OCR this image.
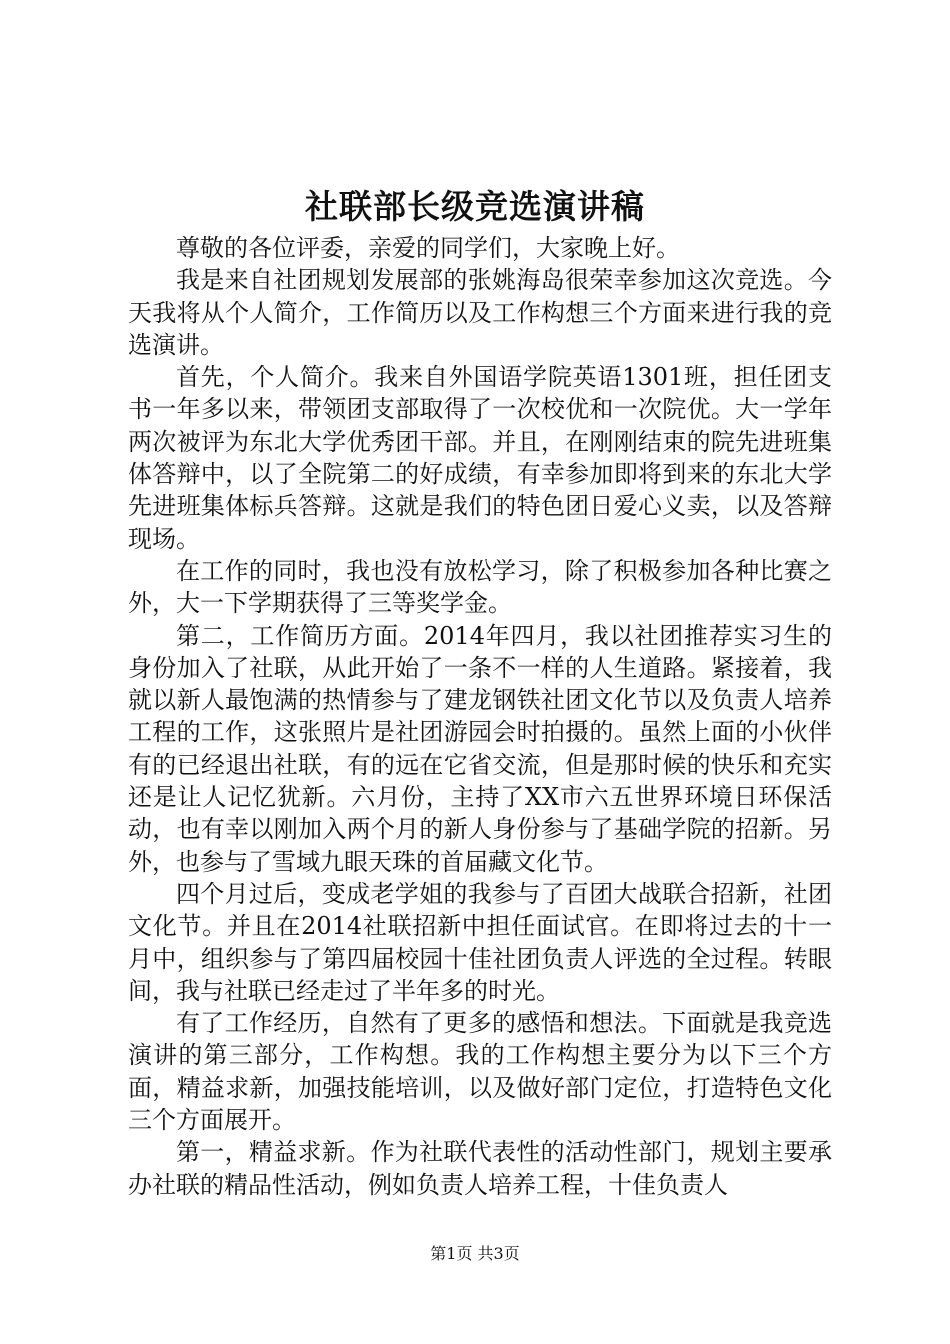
社联部长级竞选演讲稿

尊敬的各位评委，亲爱的同学们，大家晚上好。

我是来自社团规划发展部的张姚海岛很荣幸参加这次竞选。今天我将从个人简介，工作简历以及工作构想三个方面来进行我的竞选演讲。

首先，个人简介。我来自外国语学院英语1301班，担任团支书一年多以来，带领团支部取得了一次校优和一次院优。大一学年两次被评为东北大学优秀团干部。并且，在刚刚结束的院先进班集体答辩中，以了全院第二的好成绩，有幸参加即将到来的东北大学先进班集体标兵答辩。这就是我们的特色团日爱心义卖，以及答辩现场。

在工作的同时，我也没有放松学习，除了积极参加各种比赛之外，大一下学期获得了三等奖学金。

第二，工作简历方面。2014年四月，我以社团推荐实习生的身份加入了社联，从此开始了一条不一样的人生道路。紧接着，我就以新人最饱满的热情参与了建龙钢铁社团文化节以及负责人培养工程的工作，这张照片是社团游园会时拍摄的。虽然上面的小伙伴有的已经退出社联，有的远在它省交流，但是那时候的快乐和充实还是让人记忆犹新。六月份，主持了XX市六五世界环境日环保活动，也有幸以刚加入两个月的新人身份参与了基础学院的招新。另外，也参与了雪域九眼天珠的首届藏文化节。

四个月过后，变成老学姐的我参与了百团大战联合招新，社团文化节。并且在2014社联招新中担任面试官。在即将过去的十一月中，组织参与了第四届校园十佳社团负责人评选的全过程。转眼间，我与社联已经走过了半年多的时光。

有了工作经历，自然有了更多的感悟和想法。下面就是我竞选演讲的第三部分，工作构想。我的工作构想主要分为以下三个方面，精益求新，加强技能培训，以及做好部门定位，打造特色文化三个方面展开。

第一，精益求新。作为社联代表性的活动性部门，规划主要承办社联的精品性活动，例如负责人培养工程，十佳负责人

第1页 共3页
